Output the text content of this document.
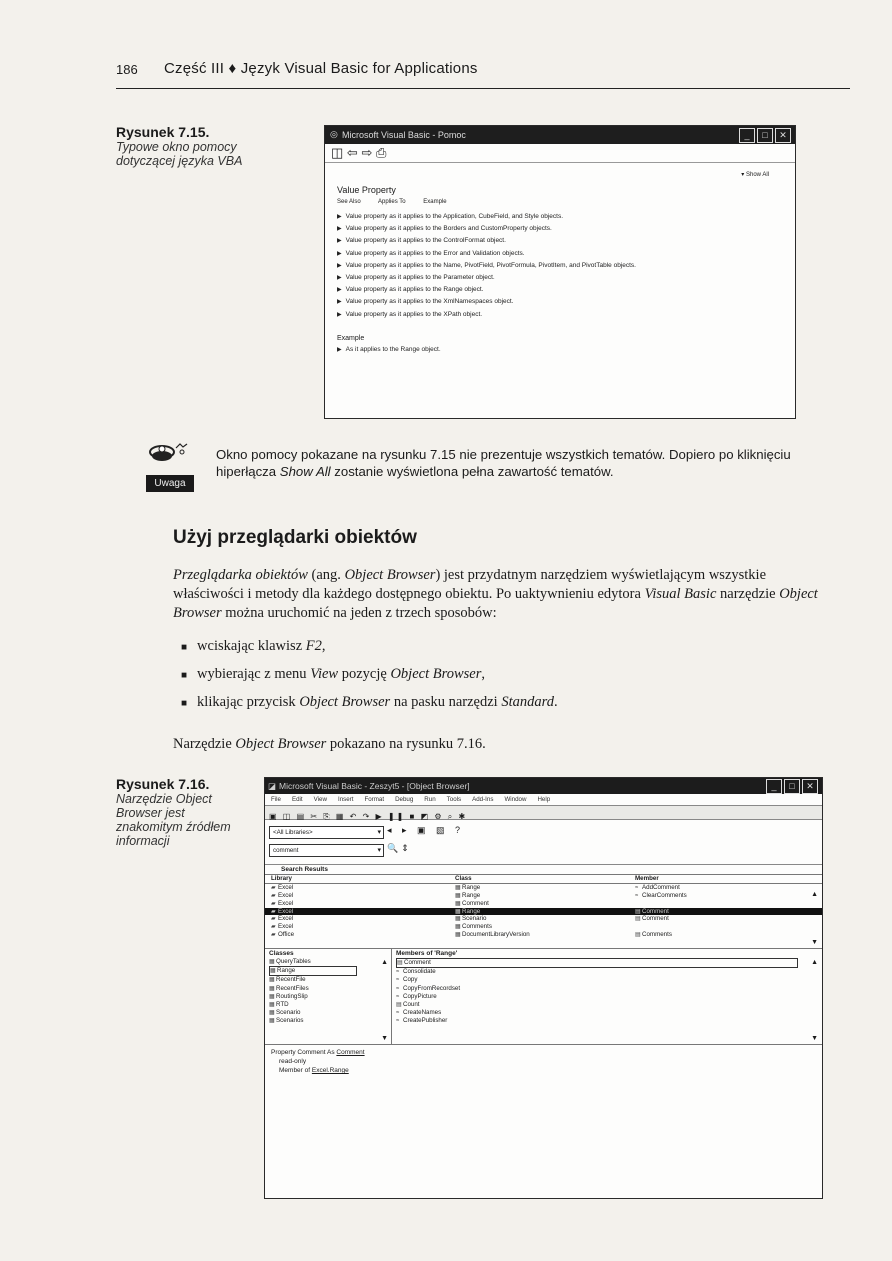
186 Część III ♦ Język Visual Basic for Applications
Rysunek 7.15.
Typowe okno pomocy dotyczącej języka VBA
◎ Microsoft Visual Basic - Pomoc	_	□	✕
◫ ⇦ ⇨ ⎙
▾ Show All
Value Property
See Also	Applies To	Example
▶ Value property as it applies to the Application, CubeField, and Style objects.
▶ Value property as it applies to the Borders and CustomProperty objects.
▶ Value property as it applies to the ControlFormat object.
▶ Value property as it applies to the Error and Validation objects.
▶ Value property as it applies to the Name, PivotField, PivotFormula, PivotItem, and PivotTable objects.
▶ Value property as it applies to the Parameter object.
▶ Value property as it applies to the Range object.
▶ Value property as it applies to the XmlNamespaces object.
▶ Value property as it applies to the XPath object.
Example
▶ As it applies to the Range object.
Uwaga
Okno pomocy pokazane na rysunku 7.15 nie prezentuje wszystkich tematów. Dopiero po kliknięciu hiperłącza Show All zostanie wyświetlona pełna zawartość tematów.
Użyj przeglądarki obiektów
Przeglądarka obiektów (ang. Object Browser) jest przydatnym narzędziem wyświetlającym wszystkie właściwości i metody dla każdego dostępnego obiektu. Po uaktywnieniu edytora Visual Basic narzędzie Object Browser można uruchomić na jeden z trzech sposobów:
■ wciskając klawisz F2,
■ wybierając z menu View pozycję Object Browser,
■ klikając przycisk Object Browser na pasku narzędzi Standard.
Narzędzie Object Browser pokazano na rysunku 7.16.
Rysunek 7.16.
Narzędzie Object Browser jest znakomitym źródłem informacji
◪ Microsoft Visual Basic - Zeszyt5 - [Object Browser]	_	□	✕
File Edit View Insert Format Debug Run Tools Add-Ins Window Help
▣ ◫ ▤ ✂ ⎘ ▦ ↶ ↷ ▶ ❚❚ ■ ◩ ⚙ ⌕ ✱
<All Libraries> ▾
comment ▾
◂ ▸ ▣ ▧ ?
🔍⇕
Search Results
Library	Class	Member
▰ Excel	▦Range	≈ AddComment
▰ Excel	▦Range	≈ ClearComments
▰ Excel	▦Comment
▰ Excel	▦Range	▤Comment
▰ Excel	▦Scenario	▤Comment
▰ Excel	▦Comments
▰ Office	▦DocumentLibraryVersion	▤Comments
▲
▼
Classes
▦QueryTables
▦Range
▦RecentFile
▦RecentFiles
▦RoutingSlip
▦RTD
▦Scenario
▦Scenarios
▲
▼
Members of 'Range'
▤Comment
≈ Consolidate
≈ Copy
≈ CopyFromRecordset
≈ CopyPicture
▤Count
≈ CreateNames
≈ CreatePublisher
▲
▼
Property Comment As Comment
read-only
Member of Excel.Range
